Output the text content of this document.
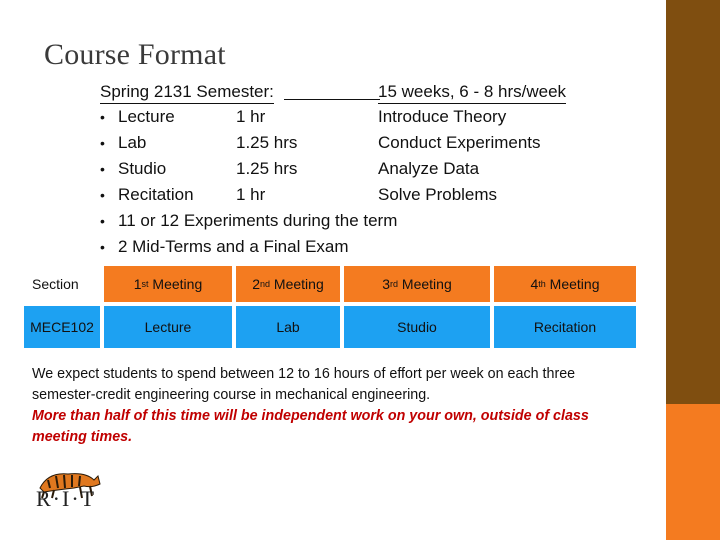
Course Format
Spring 2131 Semester:	15 weeks, 6 - 8 hrs/week
• Lecture	1 hr	Introduce Theory
• Lab	1.25 hrs	Conduct Experiments
• Studio	1.25 hrs	Analyze Data
• Recitation 1 hr	Solve Problems
• 11 or 12 Experiments during the term
• 2 Mid-Terms and a Final Exam
Section	1 st Meeting	2 nd Meeting	3 rd Meeting	4 th Meeting
MECE102	Lecture	Lab	Studio	Recitation
We expect students to spend between 12 to 16 hours of effort per week on each three semester-credit engineering course in mechanical engineering.
More than half of this time will be independent work on your own, outside of class meeting times.
R·I·T
